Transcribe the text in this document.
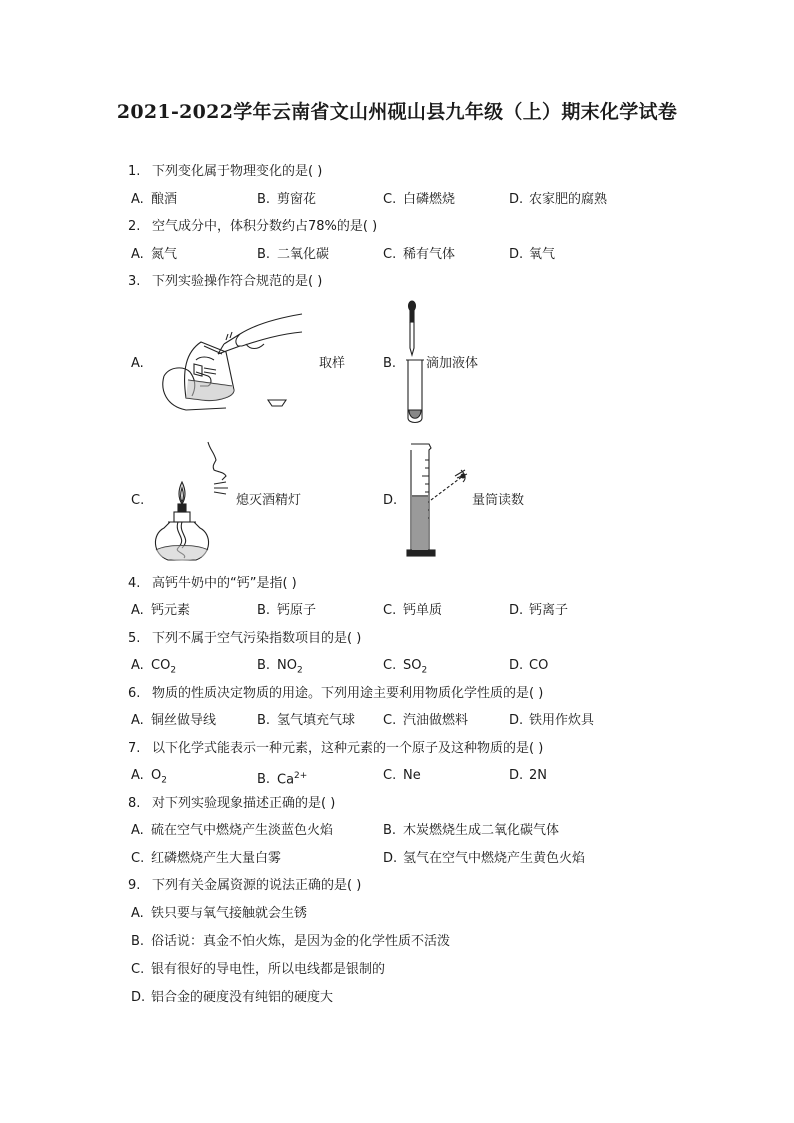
2021-2022学年云南省文山州砚山县九年级（上）期末化学试卷
1. 下列变化属于物理变化的是( )
A. 酿酒	B. 剪窗花	C. 白磷燃烧	D. 农家肥的腐熟
2. 空气成分中，体积分数约占78%的是( )
A. 氮气	B. 二氧化碳	C. 稀有气体	D. 氧气
3. 下列实验操作符合规范的是( )
A.	取样	B. 滴加液体
C.	熄灭酒精灯	D.	量筒读数
4. 高钙牛奶中的“钙”是指( )
A. 钙元素	B. 钙原子	C. 钙单质	D. 钙离子
5. 下列不属于空气污染指数项目的是( )
A. $CO_2$	B. $NO_2$	C. $SO_2$	D. CO
6. 物质的性质决定物质的用途。下列用途主要利用物质化学性质的是( )
A. 铜丝做导线	B. 氢气填充气球 C. 汽油做燃料	D. 铁用作炊具
7. 以下化学式能表示一种元素，这种元素的一个原子及这种物质的是( )
A. $O_2$	B. $Ca^{2+}$	C. Ne	D. 2N
8. 对下列实验现象描述正确的是( )
A. 硫在空气中燃烧产生淡蓝色火焰	B. 木炭燃烧生成二氧化碳气体
C. 红磷燃烧产生大量白雾	D. 氢气在空气中燃烧产生黄色火焰
9. 下列有关金属资源的说法正确的是( )
A. 铁只要与氧气接触就会生锈
B. 俗话说：真金不怕火炼，是因为金的化学性质不活泼
C. 银有很好的导电性，所以电线都是银制的
D. 铝合金的硬度没有纯铝的硬度大
